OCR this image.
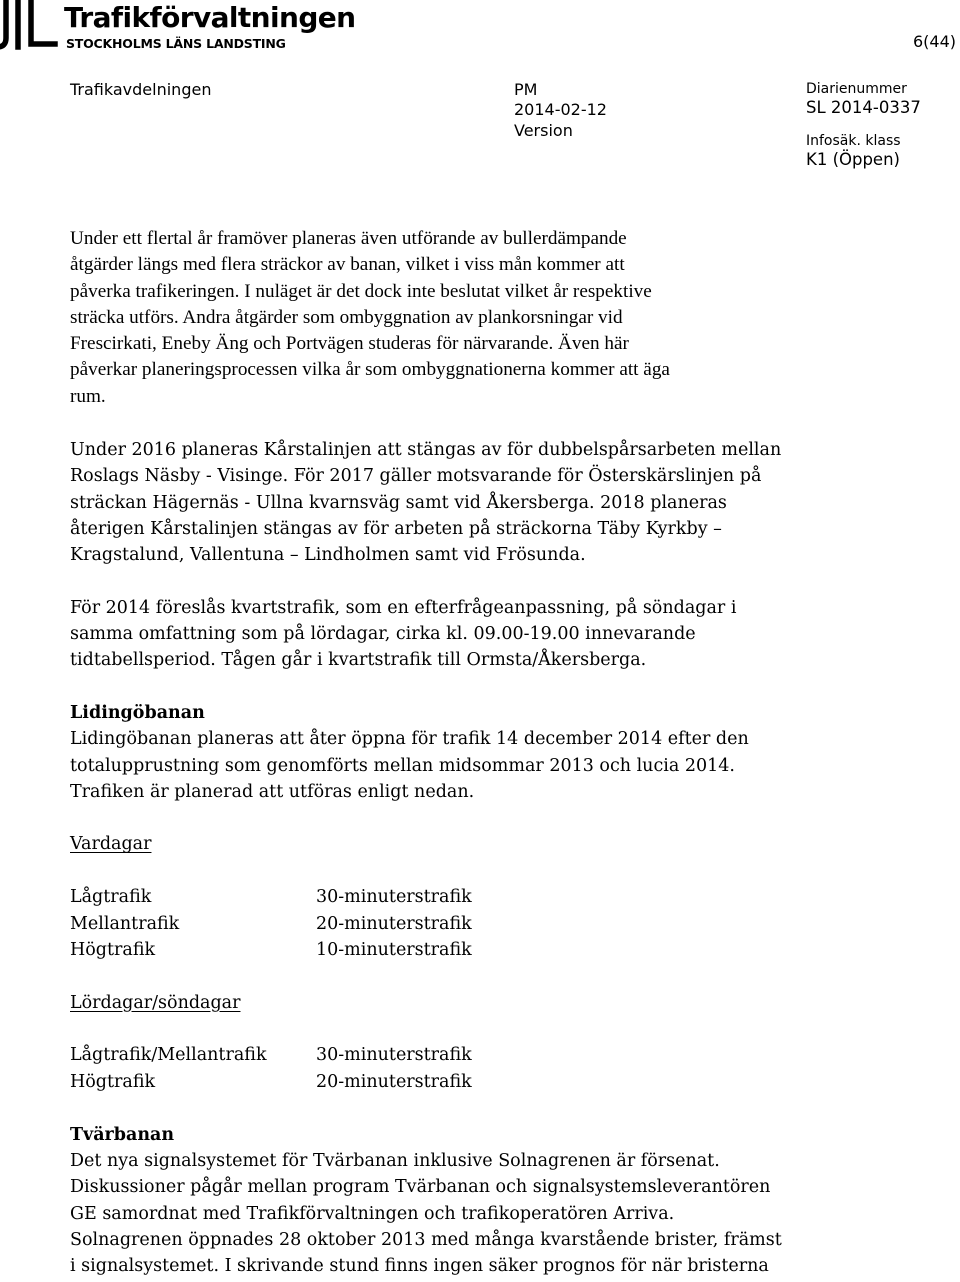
Trafikförvaltningen
STOCKHOLMS LÄNS LANDSTING	6(44)
Trafikavdelningen	PM
2014-02-12
Version
Diarienummer
SL 2014-0337
Infosäk. klass
K1 (Öppen)
Under ett flertal år framöver planeras även utförande av bullerdämpande
åtgärder längs med flera sträckor av banan, vilket i viss mån kommer att
påverka trafikeringen. I nuläget är det dock inte beslutat vilket år respektive
sträcka utförs. Andra åtgärder som ombyggnation av plankorsningar vid
Frescirkati, Eneby Äng och Portvägen studeras för närvarande. Även här
påverkar planeringsprocessen vilka år som ombyggnationerna kommer att äga
rum.
Under 2016 planeras Kårstalinjen att stängas av för dubbelspårsarbeten mellan
Roslags Näsby - Visinge. För 2017 gäller motsvarande för Österskärslinjen på
sträckan Hägernäs - Ullna kvarnsväg samt vid Åkersberga. 2018 planeras
återigen Kårstalinjen stängas av för arbeten på sträckorna Täby Kyrkby –
Kragstalund, Vallentuna – Lindholmen samt vid Frösunda.
För 2014 föreslås kvartstrafik, som en efterfrågeanpassning, på söndagar i
samma omfattning som på lördagar, cirka kl. 09.00-19.00 innevarande
tidtabellsperiod. Tågen går i kvartstrafik till Ormsta/Åkersberga.
Lidingöbanan
Lidingöbanan planeras att åter öppna för trafik 14 december 2014 efter den
totalupprustning som genomförts mellan midsommar 2013 och lucia 2014.
Trafiken är planerad att utföras enligt nedan.
Vardagar
Lågtrafik	30-minuterstrafik
Mellantrafik	20-minuterstrafik
Högtrafik	10-minuterstrafik
Lördagar/söndagar
Lågtrafik/Mellantrafik	30-minuterstrafik
Högtrafik	20-minuterstrafik
Tvärbanan
Det nya signalsystemet för Tvärbanan inklusive Solnagrenen är försenat.
Diskussioner pågår mellan program Tvärbanan och signalsystemsleverantören
GE samordnat med Trafikförvaltningen och trafikoperatören Arriva.
Solnagrenen öppnades 28 oktober 2013 med många kvarstående brister, främst
i signalsystemet. I skrivande stund finns ingen säker prognos för när bristerna
